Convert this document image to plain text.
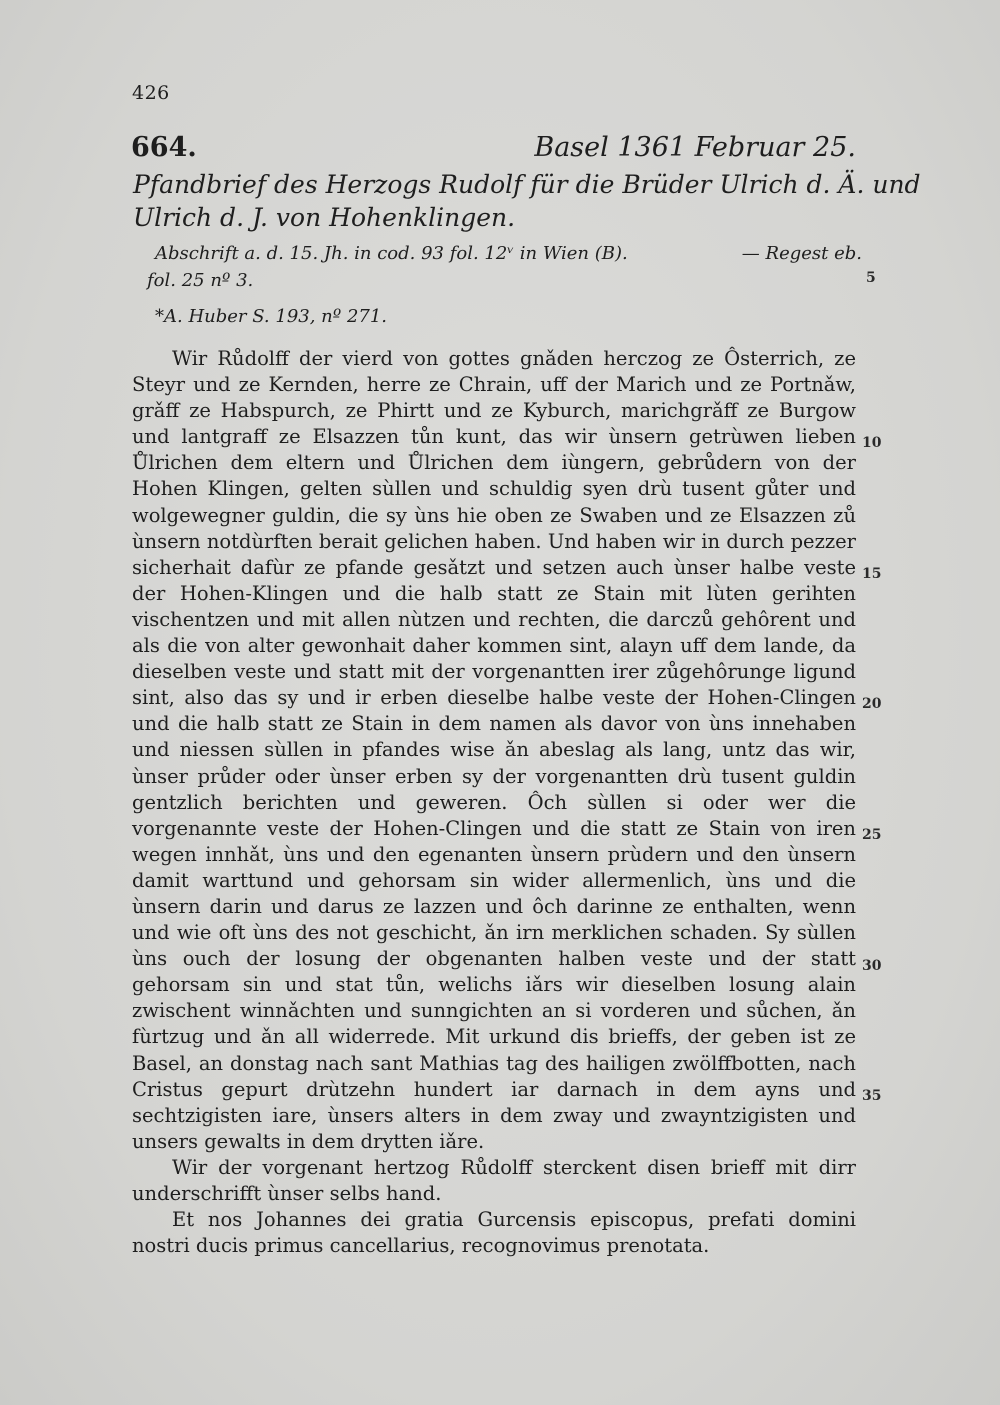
426
664.	Basel 1361 Februar 25.
Pfandbrief des Herzogs Rudolf für die Brüder Ulrich d. Ä. und
Ulrich d. J. von Hohenklingen.
Abschrift a. d. 15. Jh. in cod. 93 fol. 12ᵛ in Wien (B).	— Regest eb.
fol. 25 nº 3.
*A. Huber S. 193, nº 271.
5
10
15
20
25
30
35

Wir Růdolff der vierd von gottes gnǎden herczog ze Ôsterrich, ze Steyr und ze Kernden, herre ze Chrain, uff der Marich und ze Portnǎw, grǎff ze Habspurch, ze Phirtt und ze Kyburch, marichgrǎff ze Burgow und lantgraff ze Elsazzen tůn kunt, das wir ùnsern getrùwen lieben Ůlrichen dem eltern und Ůlrichen dem iùngern, gebrůdern von der Hohen Klingen, gelten sùllen und schuldig syen drù tusent gůter und wolgewegner guldin, die sy ùns hie oben ze Swaben und ze Elsazzen zů ùnsern notdùrften berait gelichen haben. Und haben wir in durch pezzer sicherhait dafùr ze pfande gesǎtzt und setzen auch ùnser halbe veste der Hohen-Klingen und die halb statt ze Stain mit lùten gerihten vischentzen und mit allen nùtzen und rechten, die darczů gehôrent und als die von alter gewonhait daher kommen sint, alayn uff dem lande, da dieselben veste und statt mit der vorgenantten irer zůgehôrunge ligund sint, also das sy und ir erben dieselbe halbe veste der Hohen-Clingen und die halb statt ze Stain in dem namen als davor von ùns innehaben und niessen sùllen in pfandes wise ǎn abeslag als lang, untz das wir, ùnser průder oder ùnser erben sy der vorgenantten drù tusent guldin gentzlich berichten und geweren. Ôch sùllen si oder wer die vorgenannte veste der Hohen-Clingen und die statt ze Stain von iren wegen innhǎt, ùns und den egenanten ùnsern prùdern und den ùnsern damit warttund und gehorsam sin wider allermenlich, ùns und die ùnsern darin und darus ze lazzen und ôch darinne ze enthalten, wenn und wie oft ùns des not geschicht, ǎn irn merklichen schaden. Sy sùllen ùns ouch der losung der obgenanten halben veste und der statt gehorsam sin und stat tůn, welichs iǎrs wir dieselben losung alain zwischent winnǎchten und sunngichten an si vorderen und sůchen, ǎn fùrtzug und ǎn all widerrede. Mit urkund dis brieffs, der geben ist ze Basel, an donstag nach sant Mathias tag des hailigen zwölffbotten, nach Cristus gepurt drùtzehn hundert iar darnach in dem ayns und sechtzigisten iare, ùnsers alters in dem zway und zwayntzigisten und unsers gewalts in dem drytten iǎre.

Wir der vorgenant hertzog Růdolff sterckent disen brieff mit dirr underschrifft ùnser selbs hand.

Et nos Johannes dei gratia Gurcensis episcopus, prefati domini nostri ducis primus cancellarius, recognovimus prenotata.
